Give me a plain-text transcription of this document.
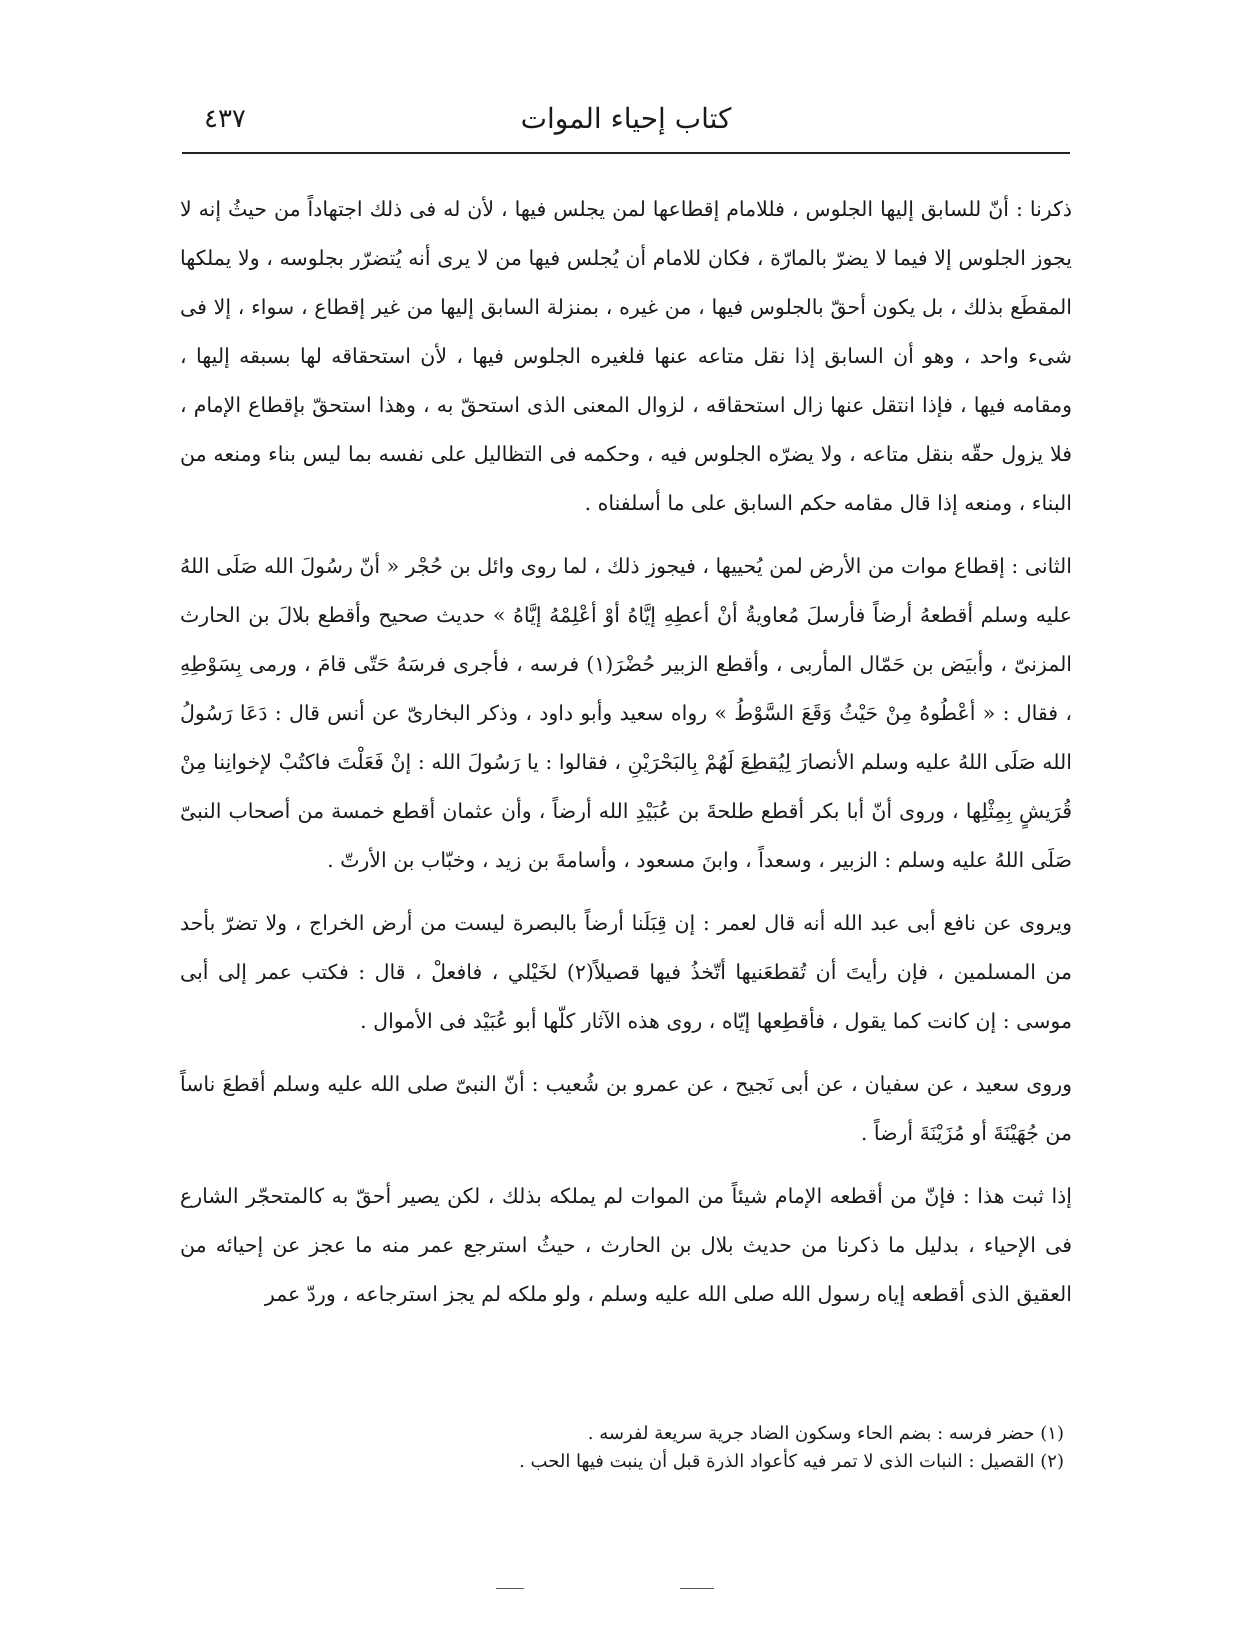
كتاب إحياء الموات
٤٣٧

ذكرنا : أنّ للسابق إليها الجلوس ، فللامام إقطاعها لمن يجلس فيها ، لأن له فى ذلك اجتهاداً من حيثُ إنه لا يجوز الجلوس إلا فيما لا يضرّ بالمارّة ، فكان للامام أن يُجلس فيها من لا يرى أنه يُتضرّر بجلوسه ، ولا يملكها المقطَع بذلك ، بل يكون أحقّ بالجلوس فيها ، من غيره ، بمنزلة السابق إليها من غير إقطاع ، سواء ، إلا فى شىء واحد ، وهو أن السابق إذا نقل متاعه عنها فلغيره الجلوس فيها ، لأن استحقاقه لها بسبقه إليها ، ومقامه فيها ، فإذا انتقل عنها زال استحقاقه ، لزوال المعنى الذى استحقّ به ، وهذا استحقّ بإقطاع الإمام ، فلا يزول حقّه بنقل متاعه ، ولا يضرّه الجلوس فيه ، وحكمه فى التظاليل على نفسه بما ليس بناء ومنعه من البناء ، ومنعه إذا قال مقامه حكم السابق على ما أسلفناه .

الثانى : إقطاع موات من الأرض لمن يُحييها ، فيجوز ذلك ، لما روى وائل بن حُجْر « أنّ رسُولَ الله صَلَى اللهُ عليه وسلم أقطعهُ أرضاً فأرسلَ مُعاويةُ أنْ أعطِهِ إيَّاهُ أوْ أعْلِمْهُ إيَّاهُ » حديث صحيح وأقطع بلالَ بن الحارث المزنىّ ، وأبيَض بن حَمّال المأربى ، وأقطع الزبير حُضْرَ(١) فرسه ، فأجرى فرسَهُ حَتّى قامَ ، ورمى بِسَوْطِهِ ، فقال : « أعْطُوهُ مِنْ حَيْثُ وَقَعَ السَّوْطُ » رواه سعيد وأبو داود ، وذكر البخارىّ عن أنس قال : دَعَا رَسُولُ الله صَلَى اللهُ عليه وسلم الأنصارَ لِيُقطِعَ لَهُمْ بِالبَحْرَيْنِ ، فقالوا : يا رَسُولَ الله : إنْ فَعَلْتَ فاكتُبْ لإخوانِنا مِنْ قُرَيشٍ بِمِثْلِها ، وروى أنّ أبا بكر أقطع طلحةَ بن عُبَيْدِ الله أرضاً ، وأن عثمان أقطع خمسة من أصحاب النبىّ صَلَى اللهُ عليه وسلم : الزبير ، وسعداً ، وابنَ مسعود ، وأسامةَ بن زيد ، وخبّاب بن الأرتّ .

ويروى عن نافع أبى عبد الله أنه قال لعمر : إن قِبَلَنا أرضاً بالبصرة ليست من أرض الخراج ، ولا تضرّ بأحد من المسلمين ، فإن رأيتَ أن تُقطعَنيها أتّخذُ فيها قصيلاً(٢) لخَيْلي ، فافعلْ ، قال : فكتب عمر إلى أبى موسى : إن كانت كما يقول ، فأقطِعها إيّاه ، روى هذه الآثار كلّها أبو عُبَيْد فى الأموال .

وروى سعيد ، عن سفيان ، عن أبى نَجيح ، عن عمرو بن شُعيب : أنّ النبىّ صلى الله عليه وسلم أقطعَ ناساً من جُهَيْنَةَ أو مُزَيْنَةَ أرضاً .

إذا ثبت هذا : فإنّ من أقطعه الإمام شيئاً من الموات لم يملكه بذلك ، لكن يصير أحقّ به كالمتحجّر الشارع فى الإحياء ، بدليل ما ذكرنا من حديث بلال بن الحارث ، حيثُ استرجع عمر منه ما عجز عن إحيائه من العقيق الذى أقطعه إياه رسول الله صلى الله عليه وسلم ، ولو ملكه لم يجز استرجاعه ، وردّ عمر

(١) حضر فرسه : بضم الحاء وسكون الضاد جرية سريعة لفرسه .

(٢) القصيل : النبات الذى لا تمر فيه كأعواد الذرة قبل أن ينبت فيها الحب .
